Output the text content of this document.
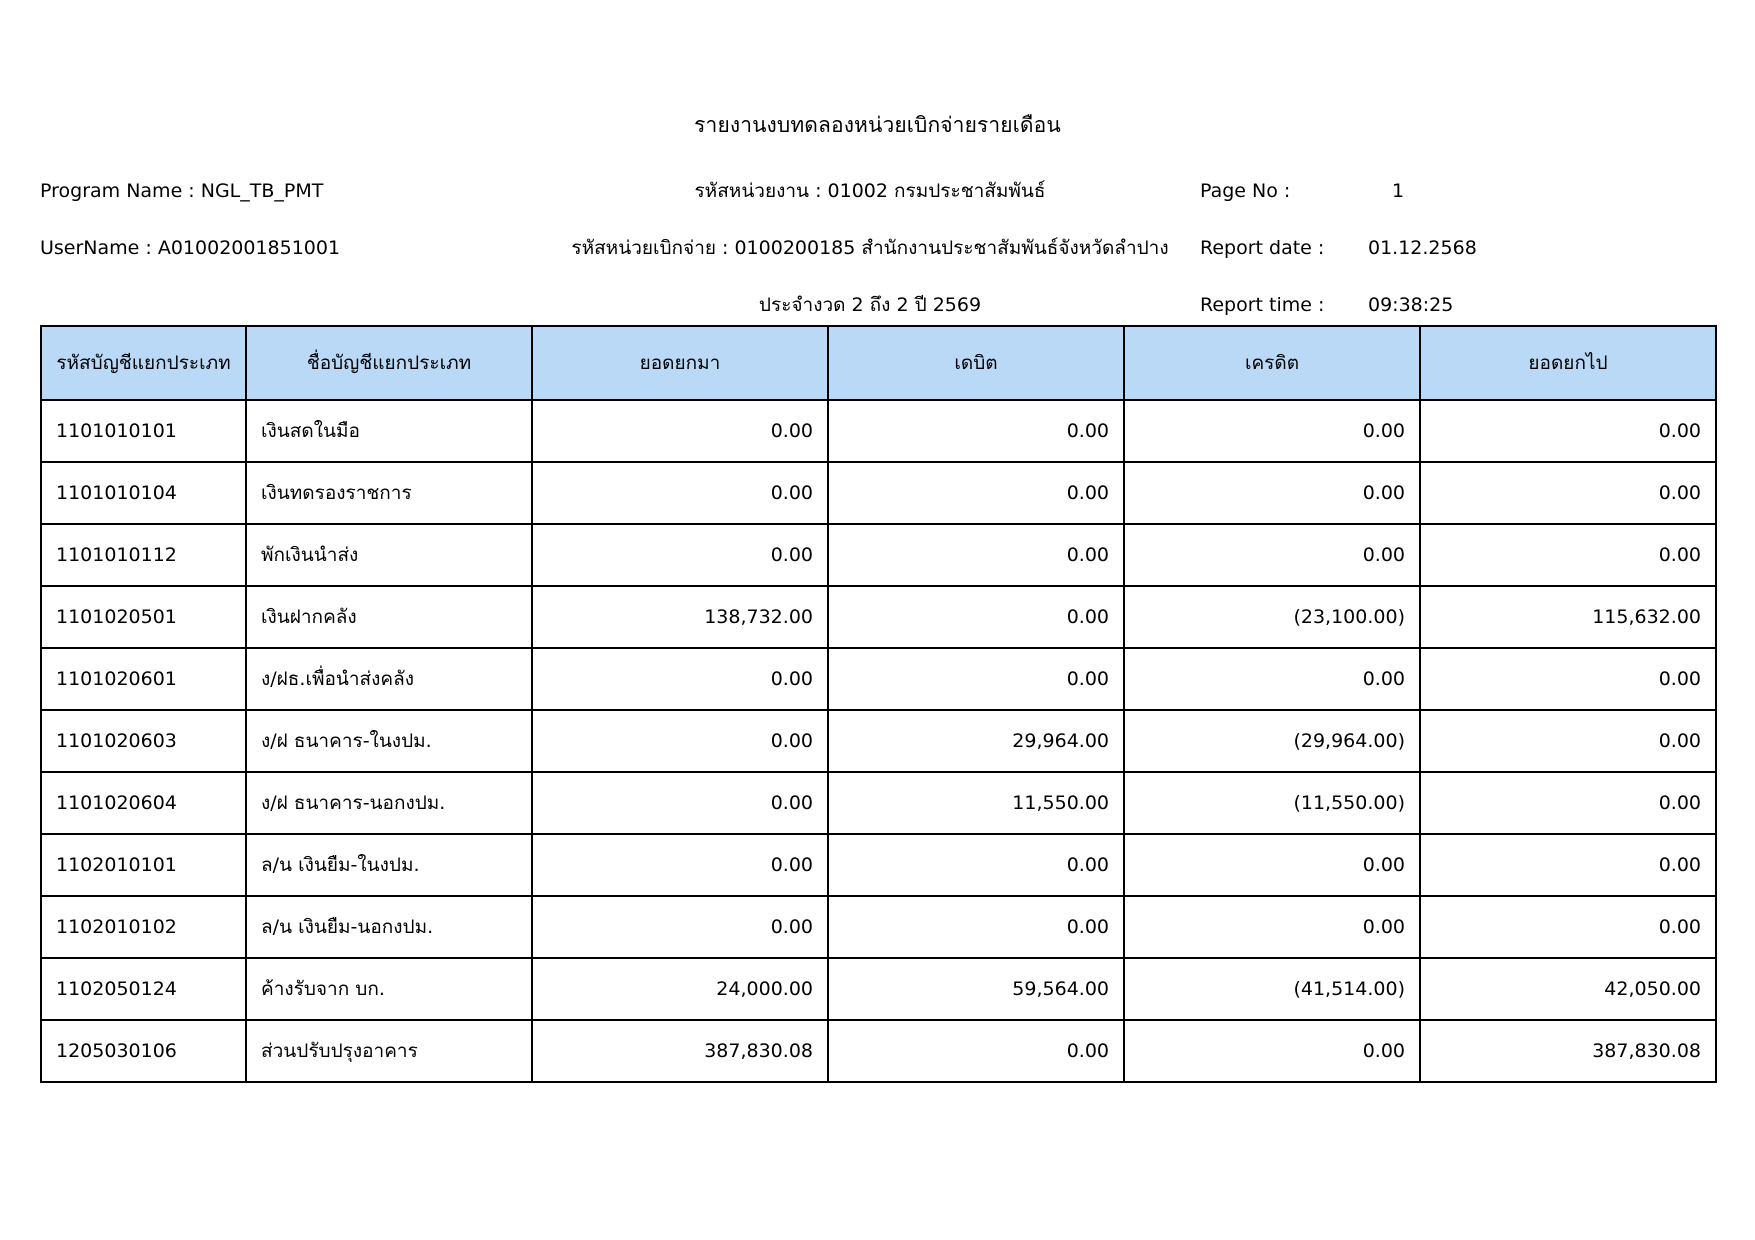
รายงานงบทดลองหน่วยเบิกจ่ายรายเดือน
Program Name : NGL_TB_PMT
UserName : A01002001851001
รหัสหน่วยงาน : 01002 กรมประชาสัมพันธ์
รหัสหน่วยเบิกจ่าย : 0100200185 สำนักงานประชาสัมพันธ์จังหวัดลำปาง
ประจำงวด 2 ถึง 2 ปี 2569
Page No :	1
Report date :	01.12.2568
Report time :	09:38:25
รหัสบัญชีแยกประเภท	ชื่อบัญชีแยกประเภท	ยอดยกมา	เดบิต	เครดิต	ยอดยกไป
1101010101	เงินสดในมือ	0.00	0.00	0.00	0.00
1101010104	เงินทดรองราชการ	0.00	0.00	0.00	0.00
1101010112	พักเงินนำส่ง	0.00	0.00	0.00	0.00
1101020501	เงินฝากคลัง	138,732.00	0.00	(23,100.00)	115,632.00
1101020601	ง/ฝธ.เพื่อนำส่งคลัง	0.00	0.00	0.00	0.00
1101020603	ง/ฝ ธนาคาร-ในงปม.	0.00	29,964.00	(29,964.00)	0.00
1101020604	ง/ฝ ธนาคาร-นอกงปม.	0.00	11,550.00	(11,550.00)	0.00
1102010101	ล/น เงินยืม-ในงปม.	0.00	0.00	0.00	0.00
1102010102	ล/น เงินยืม-นอกงปม.	0.00	0.00	0.00	0.00
1102050124	ค้างรับจาก บก.	24,000.00	59,564.00	(41,514.00)	42,050.00
1205030106	ส่วนปรับปรุงอาคาร	387,830.08	0.00	0.00	387,830.08
